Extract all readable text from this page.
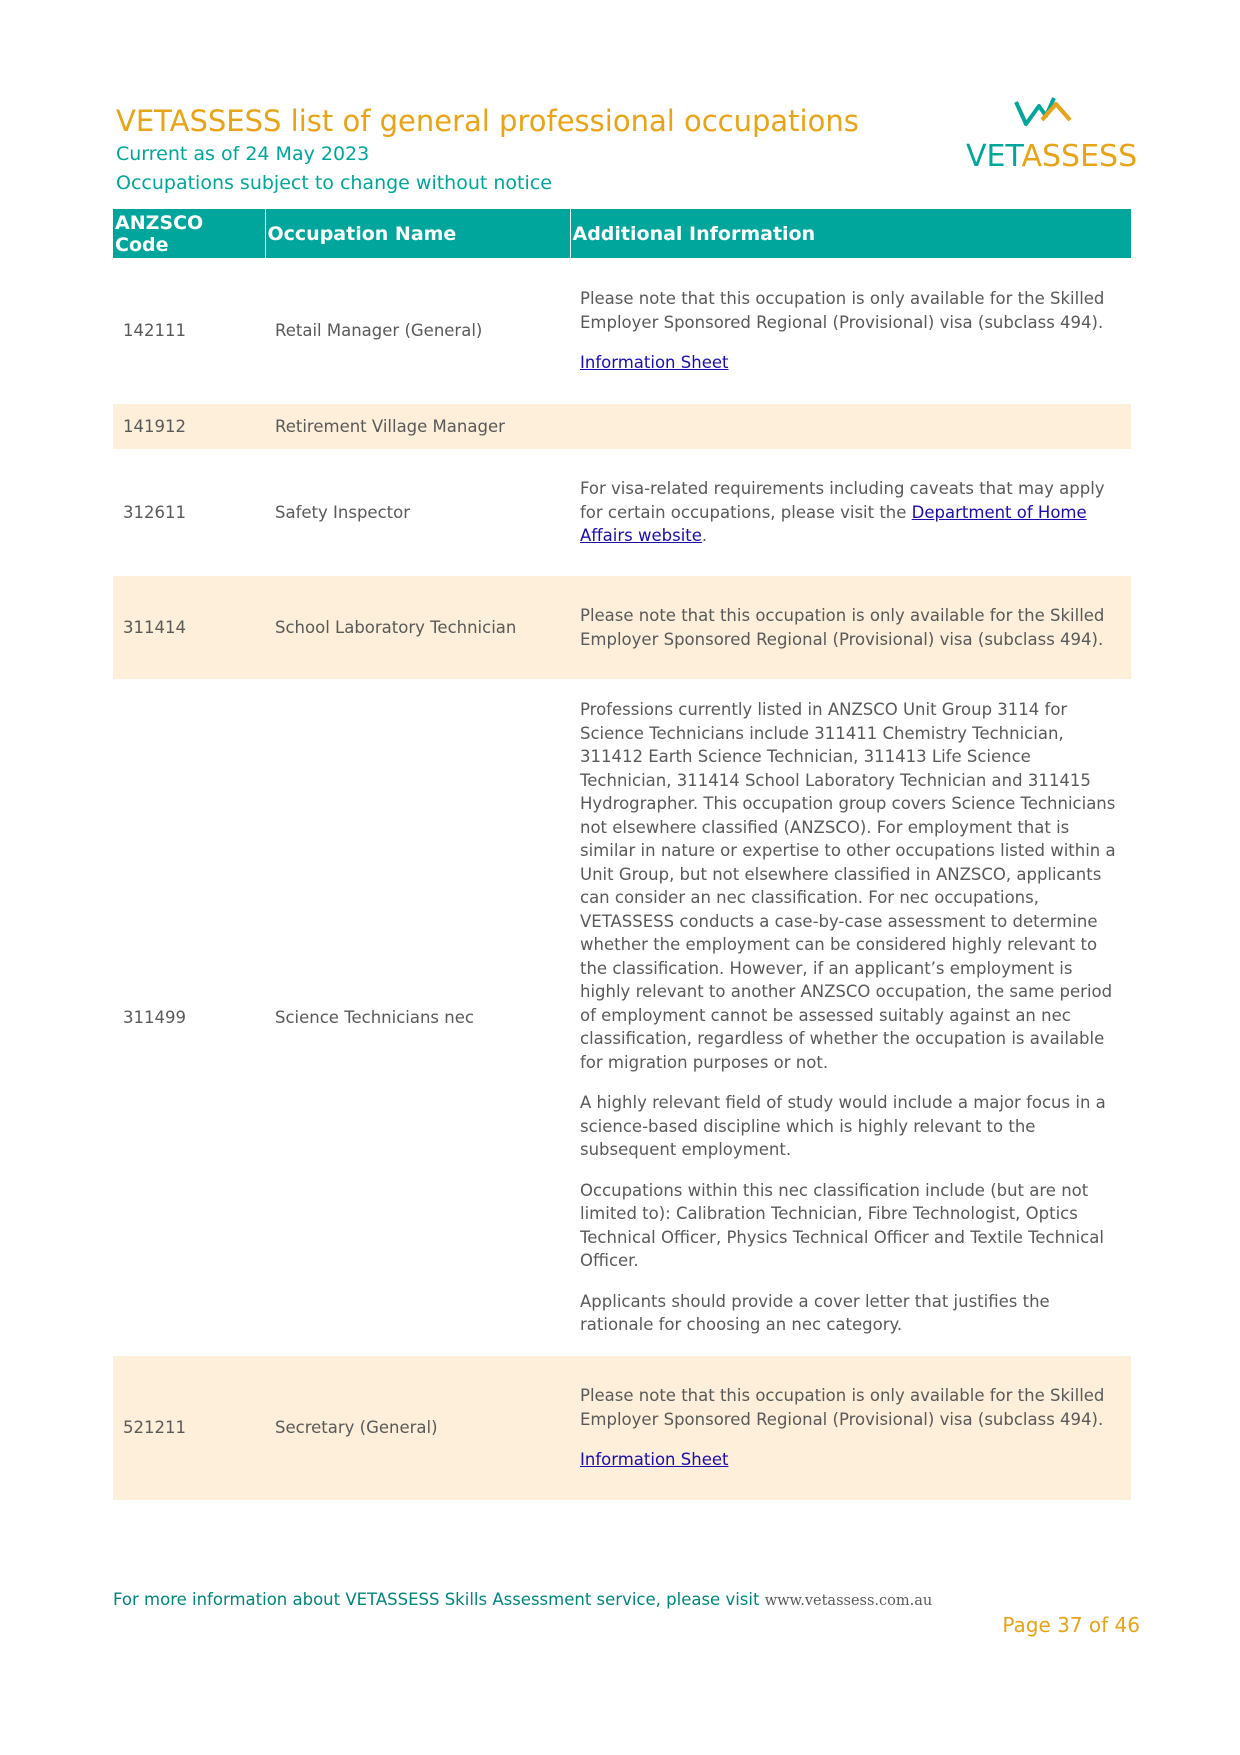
VETASSESS list of general professional occupations
Current as of 24 May 2023
Occupations subject to change without notice
VETASSESS
ANZSCO Code	Occupation Name	Additional Information
142111	Retail Manager (General)	Please note that this occupation is only available for the Skilled Employer Sponsored Regional (Provisional) visa (subclass 494).

Information Sheet

141912	Retirement Village Manager	
312611	Safety Inspector	For visa-related requirements including caveats that may apply for certain occupations, please visit the Department of Home Affairs website.

311414	School Laboratory Technician	Please note that this occupation is only available for the Skilled Employer Sponsored Regional (Provisional) visa (subclass 494).

311499	Science Technicians nec	Professions currently listed in ANZSCO Unit Group 3114 for Science Technicians include 311411 Chemistry Technician, 311412 Earth Science Technician, 311413 Life Science Technician, 311414 School Laboratory Technician and 311415 Hydrographer. This occupation group covers Science Technicians not elsewhere classified (ANZSCO). For employment that is similar in nature or expertise to other occupations listed within a Unit Group, but not elsewhere classified in ANZSCO, applicants can consider an nec classification. For nec occupations, VETASSESS conducts a case-by-case assessment to determine whether the employment can be considered highly relevant to the classification. However, if an applicant’s employment is highly relevant to another ANZSCO occupation, the same period of employment cannot be assessed suitably against an nec classification, regardless of whether the occupation is available for migration purposes or not.

A highly relevant field of study would include a major focus in a science-based discipline which is highly relevant to the subsequent employment.

Occupations within this nec classification include (but are not limited to): Calibration Technician, Fibre Technologist, Optics Technical Officer, Physics Technical Officer and Textile Technical Officer.

Applicants should provide a cover letter that justifies the rationale for choosing an nec category.

521211	Secretary (General)	Please note that this occupation is only available for the Skilled Employer Sponsored Regional (Provisional) visa (subclass 494).

Information Sheet

For more information about VETASSESS Skills Assessment service, please visit www.vetassess.com.au
Page 37 of 46
